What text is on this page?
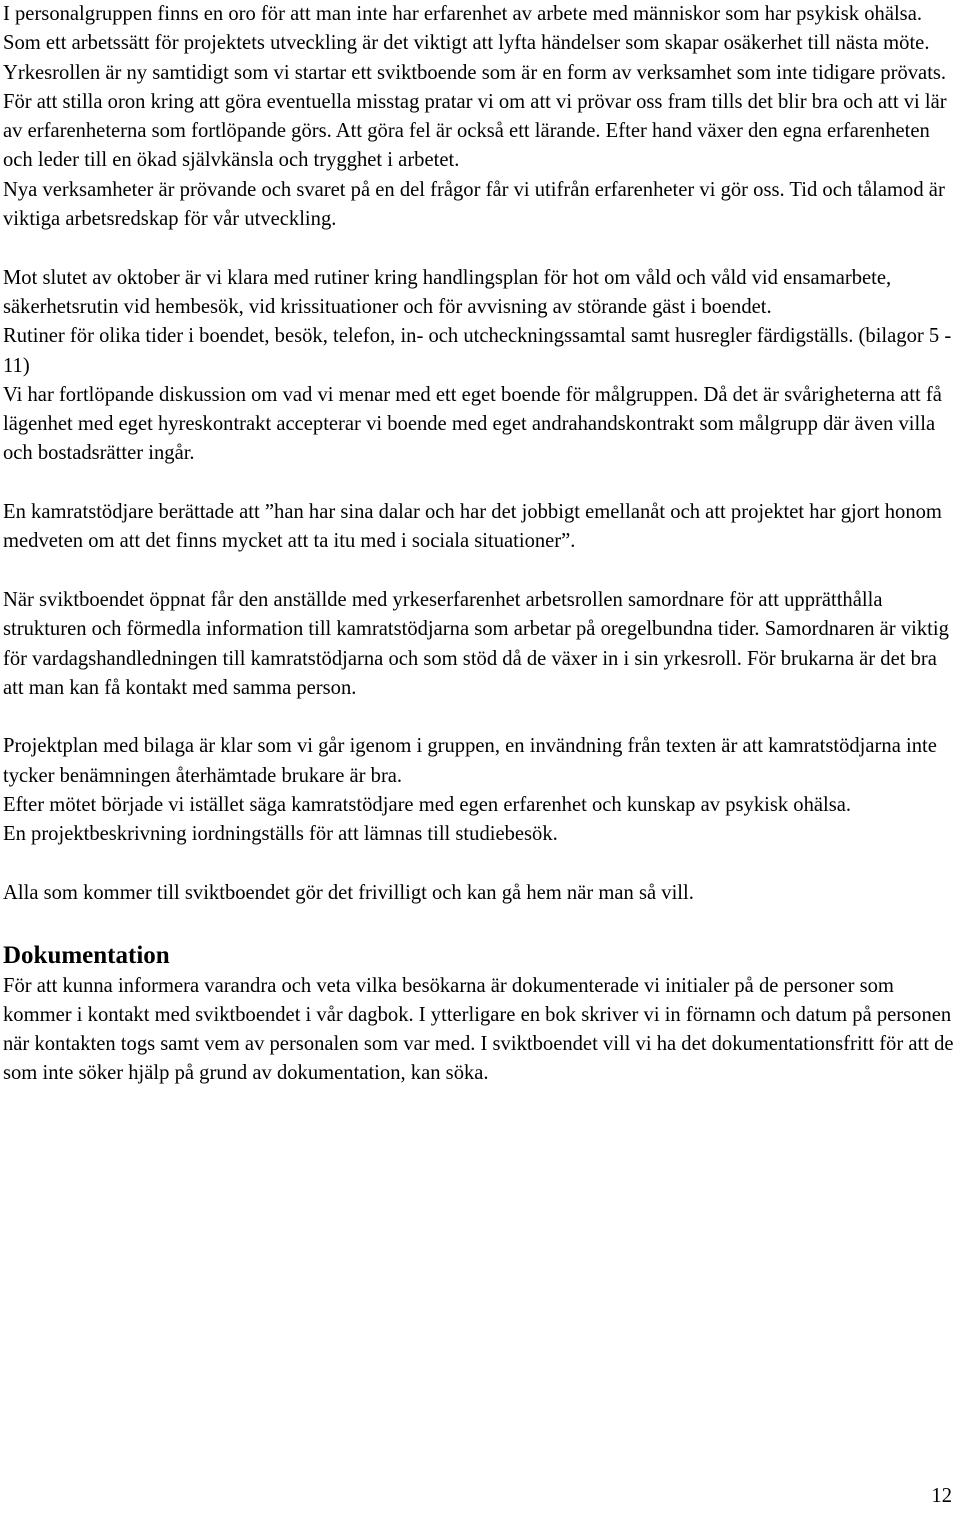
I personalgruppen finns en oro för att man inte har erfarenhet av arbete med människor som har psykisk ohälsa. Som ett arbetssätt för projektets utveckling är det viktigt att lyfta händelser som skapar osäkerhet till nästa möte. Yrkesrollen är ny samtidigt som vi startar ett sviktboende som är en form av verksamhet som inte tidigare prövats. För att stilla oron kring att göra eventuella misstag pratar vi om att vi prövar oss fram tills det blir bra och att vi lär av erfarenheterna som fortlöpande görs. Att göra fel är också ett lärande. Efter hand växer den egna erfarenheten och leder till en ökad självkänsla och trygghet i arbetet.

Nya verksamheter är prövande och svaret på en del frågor får vi utifrån erfarenheter vi gör oss. Tid och tålamod är viktiga arbetsredskap för vår utveckling.

Mot slutet av oktober är vi klara med rutiner kring handlingsplan för hot om våld och våld vid ensamarbete, säkerhetsrutin vid hembesök, vid krissituationer och för avvisning av störande gäst i boendet.

Rutiner för olika tider i boendet, besök, telefon, in- och utcheckningssamtal samt husregler färdigställs. (bilagor 5 - 11)

Vi har fortlöpande diskussion om vad vi menar med ett eget boende för målgruppen. Då det är svårigheterna att få lägenhet med eget hyreskontrakt accepterar vi boende med eget andrahandskontrakt som målgrupp där även villa och bostadsrätter ingår.

En kamratstödjare berättade att ”han har sina dalar och har det jobbigt emellanåt och att projektet har gjort honom medveten om att det finns mycket att ta itu med i sociala situationer”.

När sviktboendet öppnat får den anställde med yrkeserfarenhet arbetsrollen samordnare för att upprätthålla strukturen och förmedla information till kamratstödjarna som arbetar på oregelbundna tider. Samordnaren är viktig för vardagshandledningen till kamratstödjarna och som stöd då de växer in i sin yrkesroll. För brukarna är det bra att man kan få kontakt med samma person.

Projektplan med bilaga är klar som vi går igenom i gruppen, en invändning från texten är att kamratstödjarna inte tycker benämningen återhämtade brukare är bra.

Efter mötet började vi istället säga kamratstödjare med egen erfarenhet och kunskap av psykisk ohälsa.

En projektbeskrivning iordningställs för att lämnas till studiebesök.

Alla som kommer till sviktboendet gör det frivilligt och kan gå hem när man så vill.

Dokumentation

För att kunna informera varandra och veta vilka besökarna är dokumenterade vi initialer på de personer som kommer i kontakt med sviktboendet i vår dagbok. I ytterligare en bok skriver vi in förnamn och datum på personen när kontakten togs samt vem av personalen som var med. I sviktboendet vill vi ha det dokumentationsfritt för att de som inte söker hjälp på grund av dokumentation, kan söka.

12
